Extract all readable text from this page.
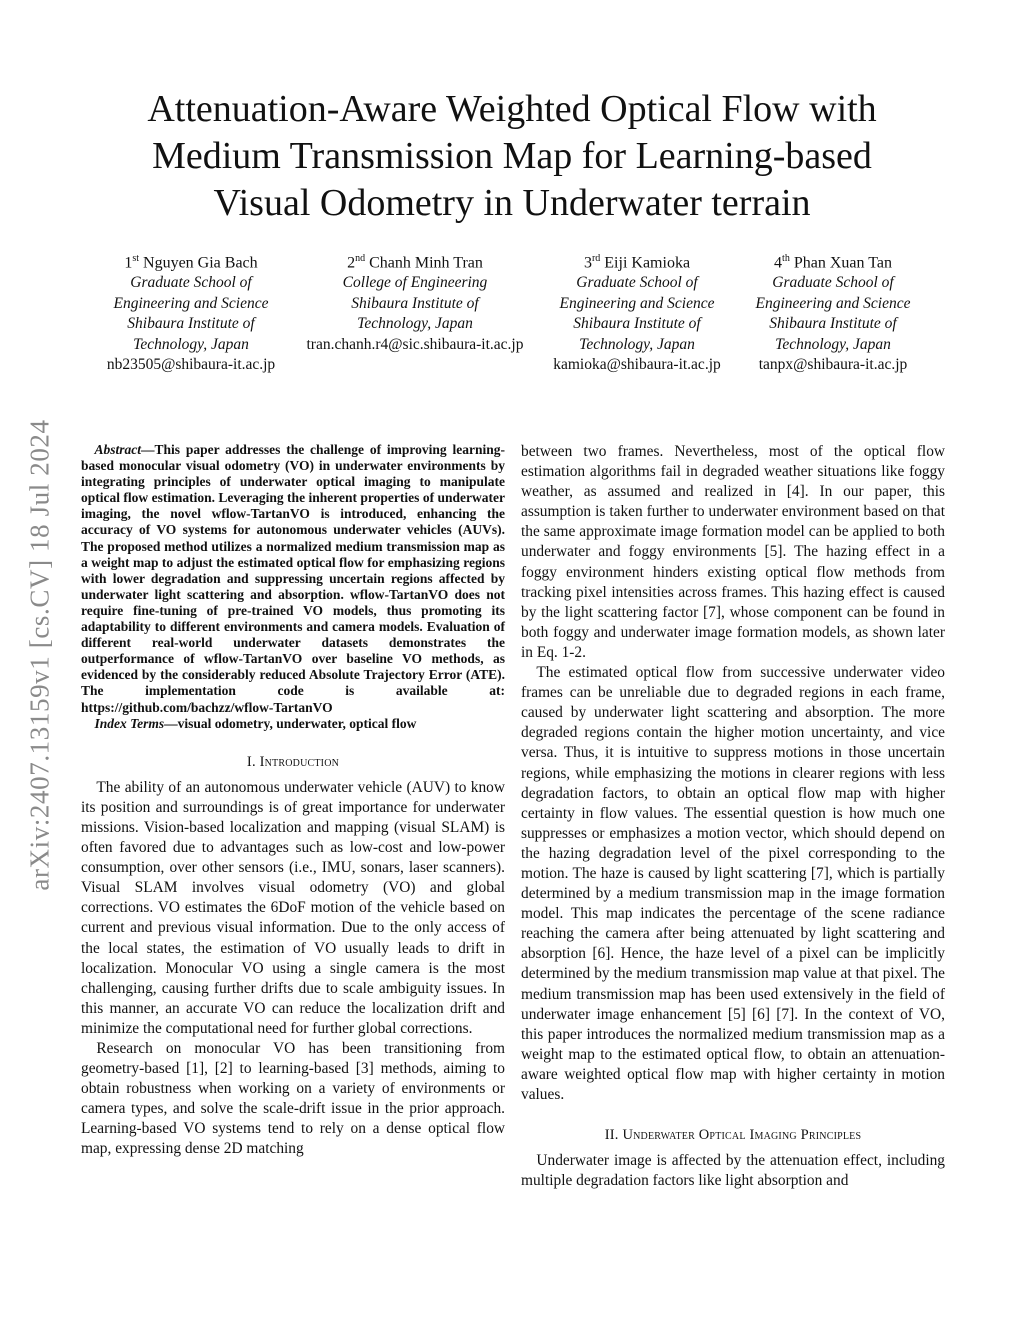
arXiv:2407.13159v1 [cs.CV] 18 Jul 2024
Attenuation-Aware Weighted Optical Flow with
Medium Transmission Map for Learning-based
Visual Odometry in Underwater terrain
1st Nguyen Gia Bach
Graduate School of
Engineering and Science
Shibaura Institute of
Technology, Japan
nb23505@shibaura-it.ac.jp
2nd Chanh Minh Tran
College of Engineering
Shibaura Institute of
Technology, Japan
tran.chanh.r4@sic.shibaura-it.ac.jp
3rd Eiji Kamioka
Graduate School of
Engineering and Science
Shibaura Institute of
Technology, Japan
kamioka@shibaura-it.ac.jp
4th Phan Xuan Tan
Graduate School of
Engineering and Science
Shibaura Institute of
Technology, Japan
tanpx@shibaura-it.ac.jp

Abstract—This paper addresses the challenge of improving learning-based monocular visual odometry (VO) in underwater environments by integrating principles of underwater optical imaging to manipulate optical flow estimation. Leveraging the inherent properties of underwater imaging, the novel wflow-TartanVO is introduced, enhancing the accuracy of VO systems for autonomous underwater vehicles (AUVs). The proposed method utilizes a normalized medium transmission map as a weight map to adjust the estimated optical flow for emphasizing regions with lower degradation and suppressing uncertain regions affected by underwater light scattering and absorption. wflow-TartanVO does not require fine-tuning of pre-trained VO models, thus promoting its adaptability to different environments and camera models. Evaluation of different real-world underwater datasets demonstrates the outperformance of wflow-TartanVO over baseline VO methods, as evidenced by the considerably reduced Absolute Trajectory Error (ATE). The implementation code is available at: https://github.com/bachzz/wflow-TartanVO

Index Terms—visual odometry, underwater, optical flow

I. Introduction

The ability of an autonomous underwater vehicle (AUV) to know its position and surroundings is of great importance for underwater missions. Vision-based localization and mapping (visual SLAM) is often favored due to advantages such as low-cost and low-power consumption, over other sensors (i.e., IMU, sonars, laser scanners). Visual SLAM involves visual odometry (VO) and global corrections. VO estimates the 6DoF motion of the vehicle based on current and previous visual information. Due to the only access of the local states, the estimation of VO usually leads to drift in localization. Monocular VO using a single camera is the most challenging, causing further drifts due to scale ambiguity issues. In this manner, an accurate VO can reduce the localization drift and minimize the computational need for further global corrections.

Research on monocular VO has been transitioning from geometry-based [1], [2] to learning-based [3] methods, aiming to obtain robustness when working on a variety of environments or camera types, and solve the scale-drift issue in the prior approach. Learning-based VO systems tend to rely on a dense optical flow map, expressing dense 2D matching

between two frames. Nevertheless, most of the optical flow estimation algorithms fail in degraded weather situations like foggy weather, as assumed and realized in [4]. In our paper, this assumption is taken further to underwater environment based on that the same approximate image formation model can be applied to both underwater and foggy environments [5]. The hazing effect in a foggy environment hinders existing optical flow methods from tracking pixel intensities across frames. This hazing effect is caused by the light scattering factor [7], whose component can be found in both foggy and underwater image formation models, as shown later in Eq. 1-2.

The estimated optical flow from successive underwater video frames can be unreliable due to degraded regions in each frame, caused by underwater light scattering and absorption. The more degraded regions contain the higher motion uncertainty, and vice versa. Thus, it is intuitive to suppress motions in those uncertain regions, while emphasizing the motions in clearer regions with less degradation factors, to obtain an optical flow map with higher certainty in flow values. The essential question is how much one suppresses or emphasizes a motion vector, which should depend on the hazing degradation level of the pixel corresponding to the motion. The haze is caused by light scattering [7], which is partially determined by a medium transmission map in the image formation model. This map indicates the percentage of the scene radiance reaching the camera after being attenuated by light scattering and absorption [6]. Hence, the haze level of a pixel can be implicitly determined by the medium transmission map value at that pixel. The medium transmission map has been used extensively in the field of underwater image enhancement [5] [6] [7]. In the context of VO, this paper introduces the normalized medium transmission map as a weight map to the estimated optical flow, to obtain an attenuation-aware weighted optical flow map with higher certainty in motion values.

II. Underwater Optical Imaging Principles

Underwater image is affected by the attenuation effect, including multiple degradation factors like light absorption and
